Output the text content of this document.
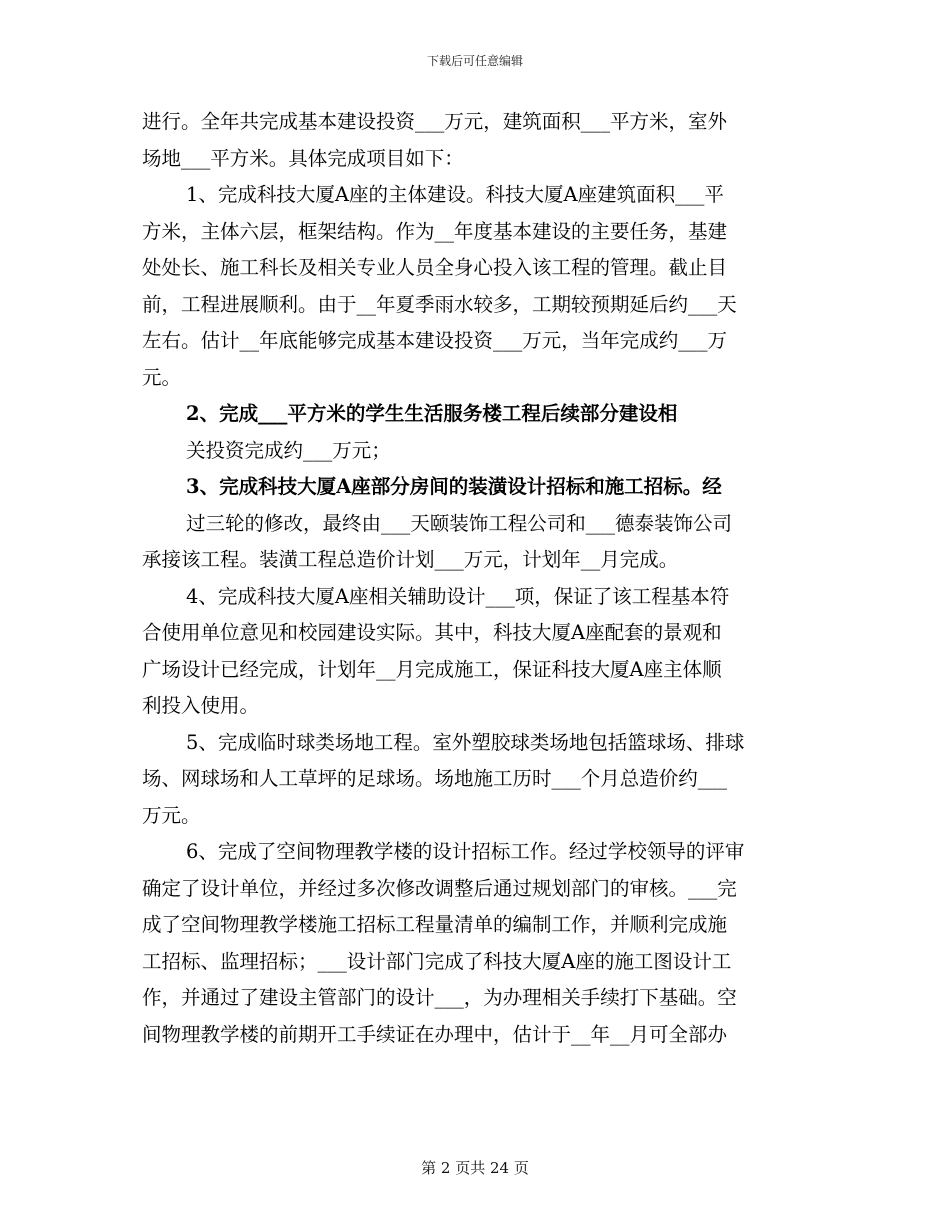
下载后可任意编辑
进行。全年共完成基本建设投资___万元，建筑面积___平方米，室外
场地___平方米。具体完成项目如下：
1、完成科技大厦A座的主体建设。科技大厦A座建筑面积___平
方米，主体六层，框架结构。作为__年度基本建设的主要任务，基建
处处长、施工科长及相关专业人员全身心投入该工程的管理。截止目
前，工程进展顺利。由于__年夏季雨水较多，工期较预期延后约___天
左右。估计__年底能够完成基本建设投资___万元，当年完成约___万
元。
2、完成___平方米的学生生活服务楼工程后续部分建设相
关投资完成约___万元；
3、完成科技大厦A座部分房间的装潢设计招标和施工招标。经
过三轮的修改，最终由___天颐装饰工程公司和___德泰装饰公司
承接该工程。装潢工程总造价计划___万元，计划年__月完成。
4、完成科技大厦A座相关辅助设计___项，保证了该工程基本符
合使用单位意见和校园建设实际。其中，科技大厦A座配套的景观和
广场设计已经完成，计划年__月完成施工，保证科技大厦A座主体顺
利投入使用。
5、完成临时球类场地工程。室外塑胶球类场地包括篮球场、排球
场、网球场和人工草坪的足球场。场地施工历时___个月总造价约___
万元。
6、完成了空间物理教学楼的设计招标工作。经过学校领导的评审
确定了设计单位，并经过多次修改调整后通过规划部门的审核。___完
成了空间物理教学楼施工招标工程量清单的编制工作，并顺利完成施
工招标、监理招标；___设计部门完成了科技大厦A座的施工图设计工
作，并通过了建设主管部门的设计___，为办理相关手续打下基础。空
间物理教学楼的前期开工手续证在办理中，估计于__年__月可全部办
第 2 页共 24 页
